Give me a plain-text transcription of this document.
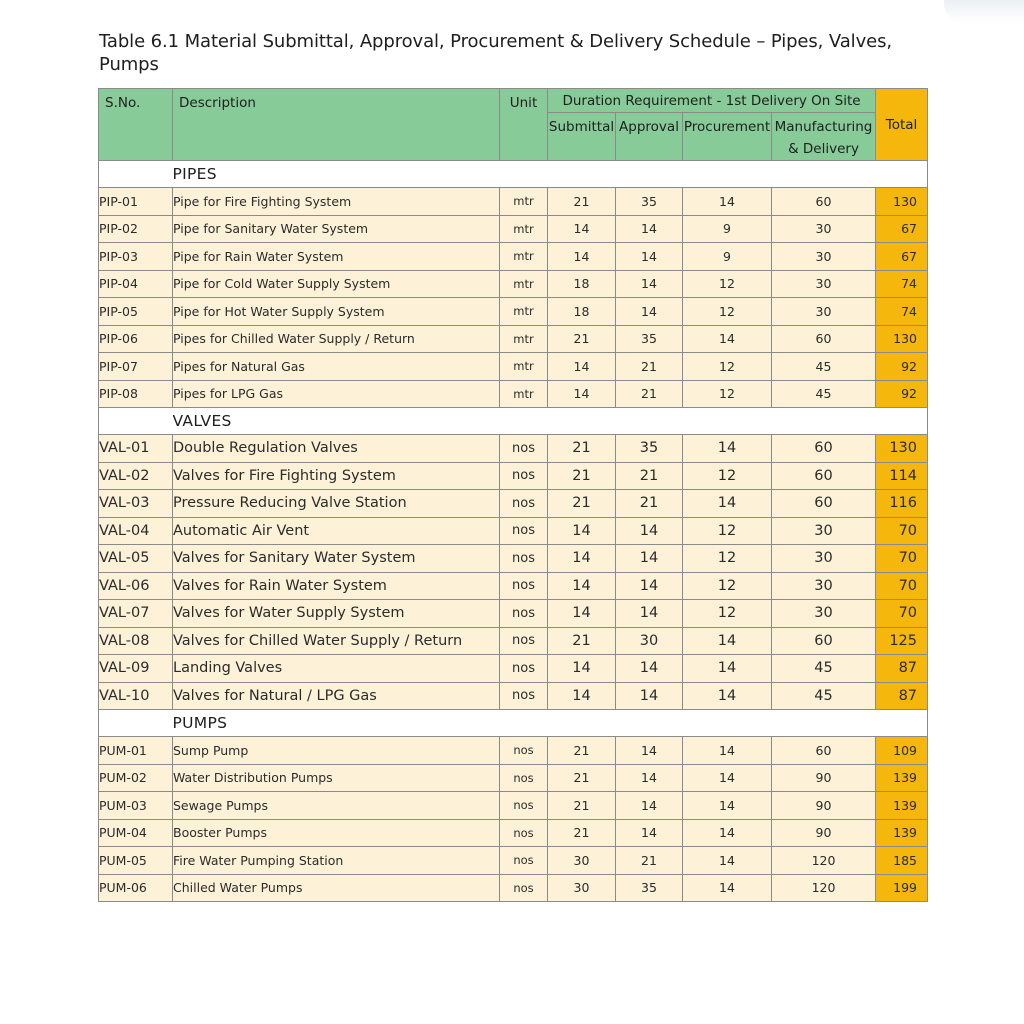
Table 6.1 Material Submittal, Approval, Procurement & Delivery Schedule – Pipes, Valves, Pumps
S.No.	Description	Unit	Duration Requirement - 1st Delivery On Site				Total
			Submittal	Approval	Procurement	Manufacturing
& Delivery	
	PIPES						
PIP-01	Pipe for Fire Fighting System	mtr	21	35	14	60	130
PIP-02	Pipe for Sanitary Water System	mtr	14	14	9	30	67
PIP-03	Pipe for Rain Water System	mtr	14	14	9	30	67
PIP-04	Pipe for Cold Water Supply System	mtr	18	14	12	30	74
PIP-05	Pipe for Hot Water Supply System	mtr	18	14	12	30	74
PIP-06	Pipes for Chilled Water Supply / Return	mtr	21	35	14	60	130
PIP-07	Pipes for Natural Gas	mtr	14	21	12	45	92
PIP-08	Pipes for LPG Gas	mtr	14	21	12	45	92
	VALVES						
VAL-01	Double Regulation Valves	nos	21	35	14	60	130
VAL-02	Valves for Fire Fighting System	nos	21	21	12	60	114
VAL-03	Pressure Reducing Valve Station	nos	21	21	14	60	116
VAL-04	Automatic Air Vent	nos	14	14	12	30	70
VAL-05	Valves for Sanitary Water System	nos	14	14	12	30	70
VAL-06	Valves for Rain Water System	nos	14	14	12	30	70
VAL-07	Valves for Water Supply System	nos	14	14	12	30	70
VAL-08	Valves for Chilled Water Supply / Return	nos	21	30	14	60	125
VAL-09	Landing Valves	nos	14	14	14	45	87
VAL-10	Valves for Natural / LPG Gas	nos	14	14	14	45	87
	PUMPS						
PUM-01	Sump Pump	nos	21	14	14	60	109
PUM-02	Water Distribution Pumps	nos	21	14	14	90	139
PUM-03	Sewage Pumps	nos	21	14	14	90	139
PUM-04	Booster Pumps	nos	21	14	14	90	139
PUM-05	Fire Water Pumping Station	nos	30	21	14	120	185
PUM-06	Chilled Water Pumps	nos	30	35	14	120	199
